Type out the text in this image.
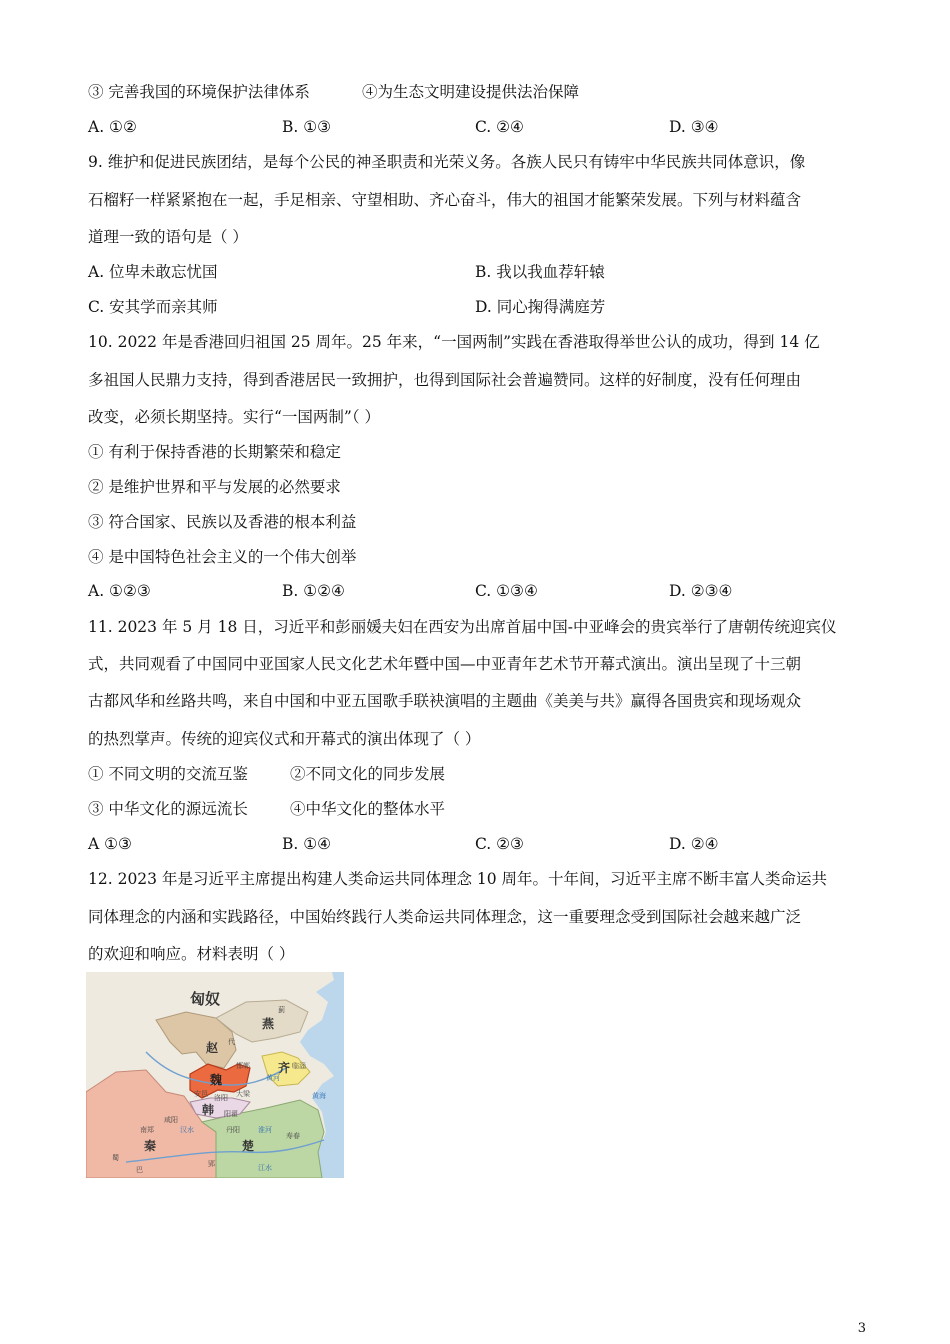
③ 完善我国的环境保护法律体系	④为生态文明建设提供法治保障
A. ①②	B. ①③	C. ②④	D. ③④
9. 维护和促进民族团结，是每个公民的神圣职责和光荣义务。各族人民只有铸牢中华民族共同体意识，像
石榴籽一样紧紧抱在一起，手足相亲、守望相助、齐心奋斗，伟大的祖国才能繁荣发展。下列与材料蕴含
道理一致的语句是（ ）
A. 位卑未敢忘忧国	B. 我以我血荐轩辕
C. 安其学而亲其师	D. 同心掬得满庭芳
10. 2022 年是香港回归祖国 25 周年。25 年来，“一国两制”实践在香港取得举世公认的成功，得到 14 亿
多祖国人民鼎力支持，得到香港居民一致拥护，也得到国际社会普遍赞同。这样的好制度，没有任何理由
改变，必须长期坚持。实行“一国两制”（ ）
① 有利于保持香港的长期繁荣和稳定
② 是维护世界和平与发展的必然要求
③ 符合国家、民族以及香港的根本利益
④ 是中国特色社会主义的一个伟大创举
A. ①②③	B. ①②④	C. ①③④	D. ②③④
11. 2023 年 5 月 18 日，习近平和彭丽媛夫妇在西安为出席首届中国-中亚峰会的贵宾举行了唐朝传统迎宾仪
式，共同观看了中国同中亚国家人民文化艺术年暨中国—中亚青年艺术节开幕式演出。演出呈现了十三朝
古都风华和丝路共鸣，来自中国和中亚五国歌手联袂演唱的主题曲《美美与共》赢得各国贵宾和现场观众
的热烈掌声。传统的迎宾仪式和开幕式的演出体现了（ ）
① 不同文明的交流互鉴	②不同文化的同步发展
③ 中华文化的源远流长	④中华文化的整体水平
A ①③	B. ①④	C. ②③	D. ②④
12. 2023 年是习近平主席提出构建人类命运共同体理念 10 周年。十年间，习近平主席不断丰富人类命运共
同体理念的内涵和实践路径，中国始终践行人类命运共同体理念，这一重要理念受到国际社会越来越广泛
的欢迎和响应。材料表明（ ）
匈奴
燕
赵
齐
魏
韩
秦	楚
代
邯郸	临淄
安邑
洛阳
大梁
阳翟
咸阳
蓟
黄河
黄海
汉水	淮河
江水
郢
丹阳
寿春
南郑
蜀
巴
3
